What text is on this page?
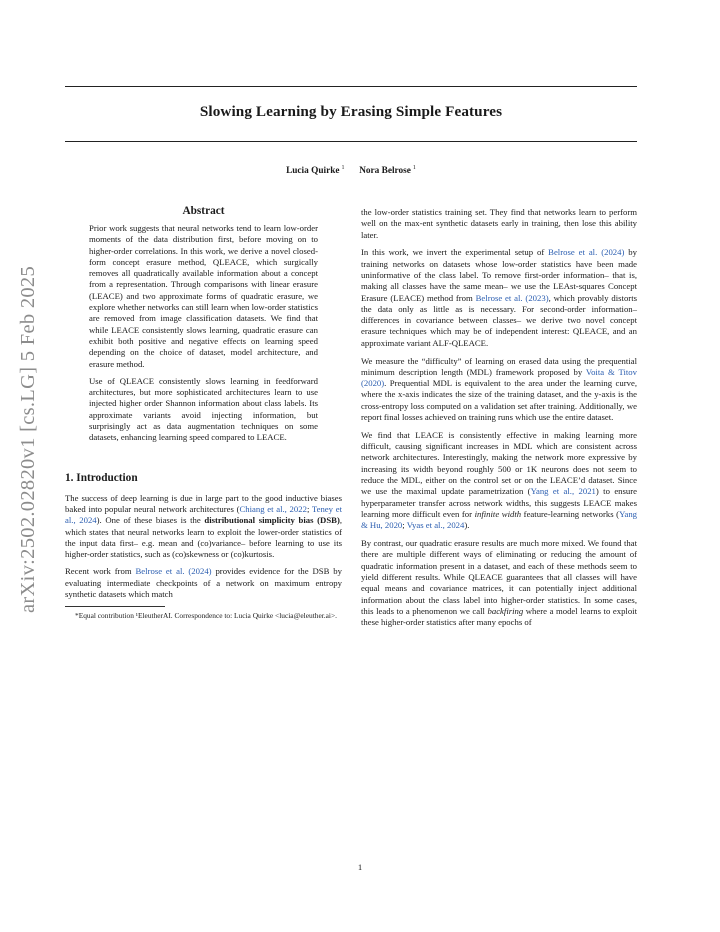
Slowing Learning by Erasing Simple Features
Lucia Quirke $^1$ Nora Belrose $^1$
arXiv:2502.02820v1 [cs.LG] 5 Feb 2025
Abstract

Prior work suggests that neural networks tend to learn low-order moments of the data distribution first, before moving on to higher-order correlations. In this work, we derive a novel closed-form concept erasure method, QLEACE, which surgically removes all quadratically available information about a concept from a representation. Through comparisons with linear erasure (LEACE) and two approximate forms of quadratic erasure, we explore whether networks can still learn when low-order statistics are removed from image classification datasets. We find that while LEACE consistently slows learning, quadratic erasure can exhibit both positive and negative effects on learning speed depending on the choice of dataset, model architecture, and erasure method.

Use of QLEACE consistently slows learning in feedforward architectures, but more sophisticated architectures learn to use injected higher order Shannon information about class labels. Its approximate variants avoid injecting information, but surprisingly act as data augmentation techniques on some datasets, enhancing learning speed compared to LEACE.

1. Introduction

The success of deep learning is due in large part to the good inductive biases baked into popular neural network architectures (Chiang et al., 2022; Teney et al., 2024). One of these biases is the distributional simplicity bias (DSB), which states that neural networks learn to exploit the lower-order statistics of the input data first– e.g. mean and (co)variance– before learning to use its higher-order statistics, such as (co)skewness or (co)kurtosis.

Recent work from Belrose et al. (2024) provides evidence for the DSB by evaluating intermediate checkpoints of a network on maximum entropy synthetic datasets which match

*Equal contribution ¹EleutherAI. Correspondence to: Lucia Quirke <lucia@eleuther.ai>.

the low-order statistics training set. They find that networks learn to perform well on the max-ent synthetic datasets early in training, then lose this ability later.

In this work, we invert the experimental setup of Belrose et al. (2024) by training networks on datasets whose low-order statistics have been made uninformative of the class label. To remove first-order information– that is, making all classes have the same mean– we use the LEAst-squares Concept Erasure (LEACE) method from Belrose et al. (2023), which provably distorts the data only as little as is necessary. For second-order information– differences in covariance between classes– we derive two novel concept erasure techniques which may be of independent interest: QLEACE, and an approximate variant ALF-QLEACE.

We measure the “difficulty” of learning on erased data using the prequential minimum description length (MDL) framework proposed by Voita & Titov (2020). Prequential MDL is equivalent to the area under the learning curve, where the x-axis indicates the size of the training dataset, and the y-axis is the cross-entropy loss computed on a validation set after training. Additionally, we report final losses achieved on training runs which use the entire dataset.

We find that LEACE is consistently effective in making learning more difficult, causing significant increases in MDL which are consistent across network architectures. Interestingly, making the network more expressive by increasing its width beyond roughly 500 or 1K neurons does not seem to reduce the MDL, either on the control set or on the LEACE’d dataset. Since we use the maximal update parametrization (Yang et al., 2021) to ensure hyperparameter transfer across network widths, this suggests LEACE makes learning more difficult even for infinite width feature-learning networks (Yang & Hu, 2020; Vyas et al., 2024).

By contrast, our quadratic erasure results are much more mixed. We found that there are multiple different ways of eliminating or reducing the amount of quadratic information present in a dataset, and each of these methods seem to yield different results. While QLEACE guarantees that all classes will have equal means and covariance matrices, it can potentially inject additional information about the class label into higher-order statistics. In some cases, this leads to a phenomenon we call backfiring where a model learns to exploit these higher-order statistics after many epochs of

1
